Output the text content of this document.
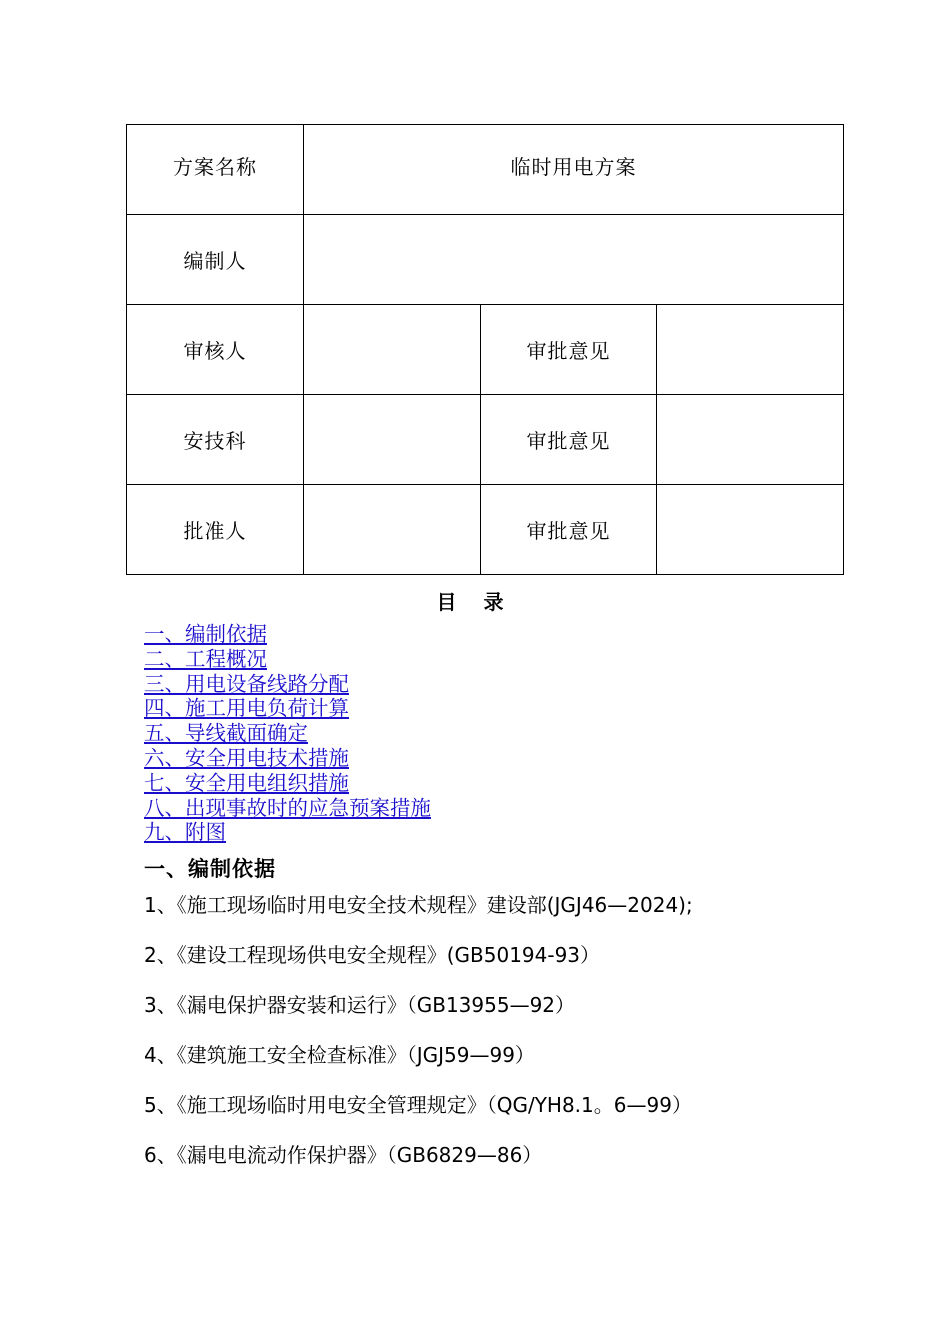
方案名称	临时用电方案		
编制人			
审核人		审批意见	
安技科		审批意见	
批准人		审批意见	
目 录
一、编制依据
二、工程概况
三、用电设备线路分配
四、施工用电负荷计算
五、导线截面确定
六、安全用电技术措施
七、安全用电组织措施
八、出现事故时的应急预案措施
九、附图
一、编制依据
1、《施工现场临时用电安全技术规程》建设部(JGJ46—2024);
2、《建设工程现场供电安全规程》(GB50194-93）
3、《漏电保护器安装和运行》（GB13955—92）
4、《建筑施工安全检查标准》（JGJ59—99）
5、《施工现场临时用电安全管理规定》（QG/YH8.1。6—99）
6、《漏电电流动作保护器》（GB6829—86）
